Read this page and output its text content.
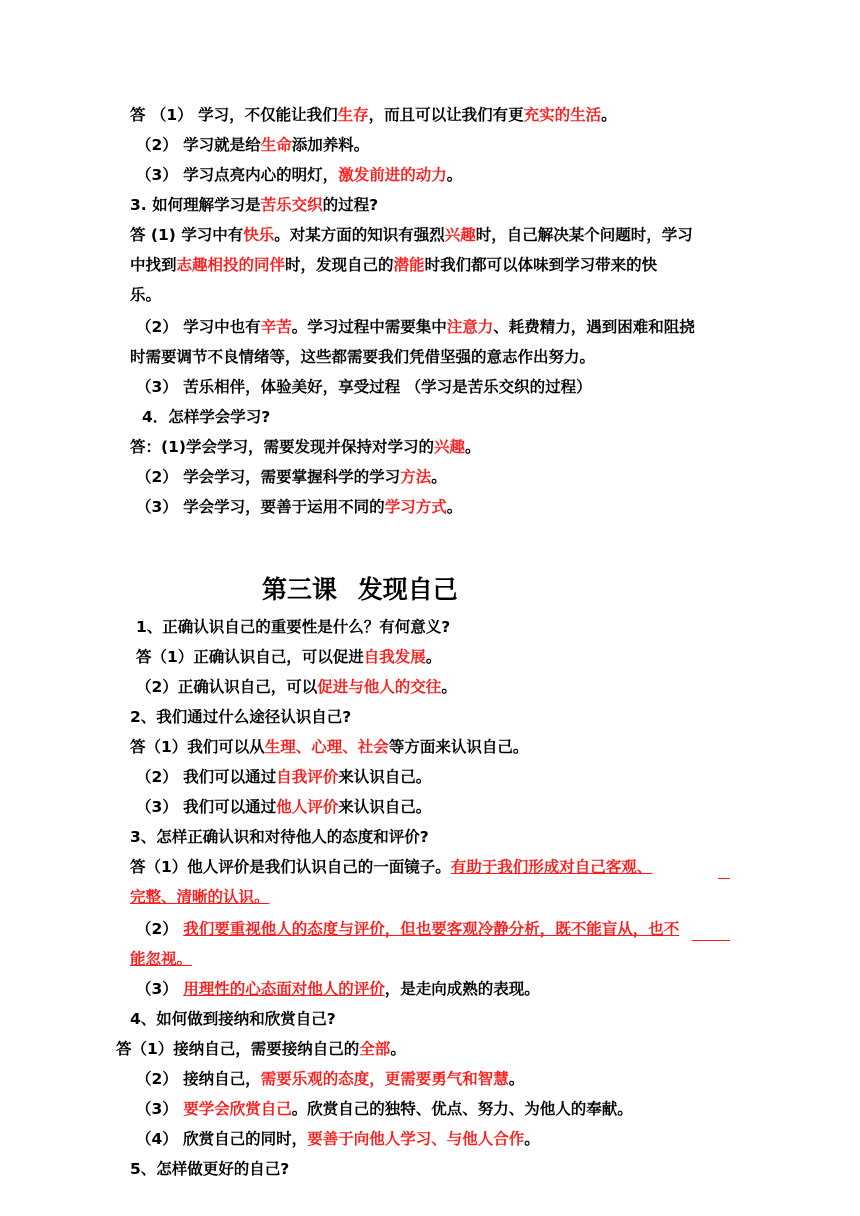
第三课 发现自己
答 （1） 学习，不仅能让我们生存，而且可以让我们有更充实的生活。
（2） 学习就是给生命添加养料。
（3） 学习点亮内心的明灯，激发前进的动力。
3. 如何理解学习是苦乐交织的过程?
答 (1) 学习中有快乐。对某方面的知识有强烈兴趣时，自己解决某个问题时，学习
中找到志趣相投的同伴时，发现自己的潜能时我们都可以体味到学习带来的快
乐。
（2） 学习中也有辛苦。学习过程中需要集中注意力、耗费精力，遇到困难和阻挠
时需要调节不良情绪等，这些都需要我们凭借坚强的意志作出努力。
（3） 苦乐相伴，体验美好，享受过程 （学习是苦乐交织的过程）
4．怎样学会学习?
答：(1)学会学习，需要发现并保持对学习的兴趣。
（2） 学会学习，需要掌握科学的学习方法。
（3） 学会学习，要善于运用不同的学习方式。
1、正确认识自己的重要性是什么？有何意义?
答（1）正确认识自己，可以促进自我发展。
（2）正确认识自己，可以促进与他人的交往。
2、我们通过什么途径认识自己?
答（1）我们可以从生理、心理、社会等方面来认识自己。
（2） 我们可以通过自我评价来认识自己。
（3） 我们可以通过他人评价来认识自己。
3、怎样正确认识和对待他人的态度和评价?
答（1）他人评价是我们认识自己的一面镜子。有助于我们形成对自己客观、
完整、清晰的认识。
（2） 我们要重视他人的态度与评价，但也要客观冷静分析，既不能盲从，也不
能忽视。
（3） 用理性的心态面对他人的评价，是走向成熟的表现。
4、如何做到接纳和欣赏自己?
答（1）接纳自己，需要接纳自己的全部。
（2） 接纳自己，需要乐观的态度，更需要勇气和智慧。
（3） 要学会欣赏自己。欣赏自己的独特、优点、努力、为他人的奉献。
（4） 欣赏自己的同时，要善于向他人学习、与他人合作。
5、怎样做更好的自己?
